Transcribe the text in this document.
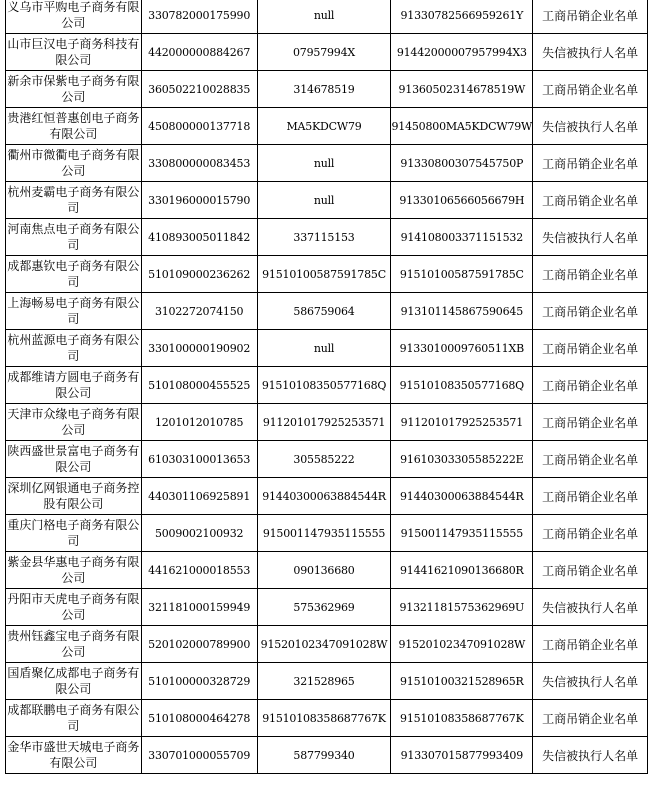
义乌市平购电子商务有限公司	330782000175990	null	91330782566959261Y	工商吊销企业名单
山市巨汉电子商务科技有限公司	442000000884267	07957994X	91442000007957994X3	失信被执行人名单
新余市保紫电子商务有限公司	360502210028835	314678519	91360502314678519W	工商吊销企业名单
贵港红恒普惠创电子商务有限公司	450800000137718	MA5KDCW79	91450800MA5KDCW79W	失信被执行人名单
衢州市微衢电子商务有限公司	330800000083453	null	91330800307545750P	工商吊销企业名单
杭州麦霸电子商务有限公司	330196000015790	null	91330106566056679H	工商吊销企业名单
河南焦点电子商务有限公司	410893005011842	337115153	914108003371151532	失信被执行人名单
成都惠钦电子商务有限公司	510109000236262	91510100587591785C	91510100587591785C	工商吊销企业名单
上海畅易电子商务有限公司	3102272074150	586759064	913101145867590645	工商吊销企业名单
杭州蓝源电子商务有限公司	330100000190902	null	913301000976051​1XB	工商吊销企业名单
成都维请方圆电子商务有限公司	510108000455525	91510108350577168Q	91510108350577168Q	工商吊销企业名单
天津市众缘电子商务有限公司	1201012010785	911201017925253571	911201017925253571	工商吊销企业名单
陕西盛世景富电子商务有限公司	610303100013653	305585222	91610303305585222E	工商吊销企业名单
深圳亿网银通电子商务控股有限公司	440301106925891	91440300063884544R	91440300063884544R	工商吊销企业名单
重庆门格电子商务有限公司	5009002100932	915001147935115555	915001147935115555	工商吊销企业名单
紫金县华惠电子商务有限公司	441621000018553	090136680	91441621090136680R	工商吊销企业名单
丹阳市天虎电子商务有限公司	321181000159949	575362969	91321181575362969U	失信被执行人名单
贵州钰鑫宝电子商务有限公司	520102000789900	91520102347091028W	91520102347091028W	工商吊销企业名单
国盾聚亿成都电子商务有限公司	510100000328729	321528965	91510100321528965R	失信被执行人名单
成都联鹏电子商务有限公司	510108000464278	91510108358687767K	91510108358687767K	工商吊销企业名单
金华市盛世天城电子商务有限公司	330701000055709	587799340	913307015877993409	失信被执行人名单
